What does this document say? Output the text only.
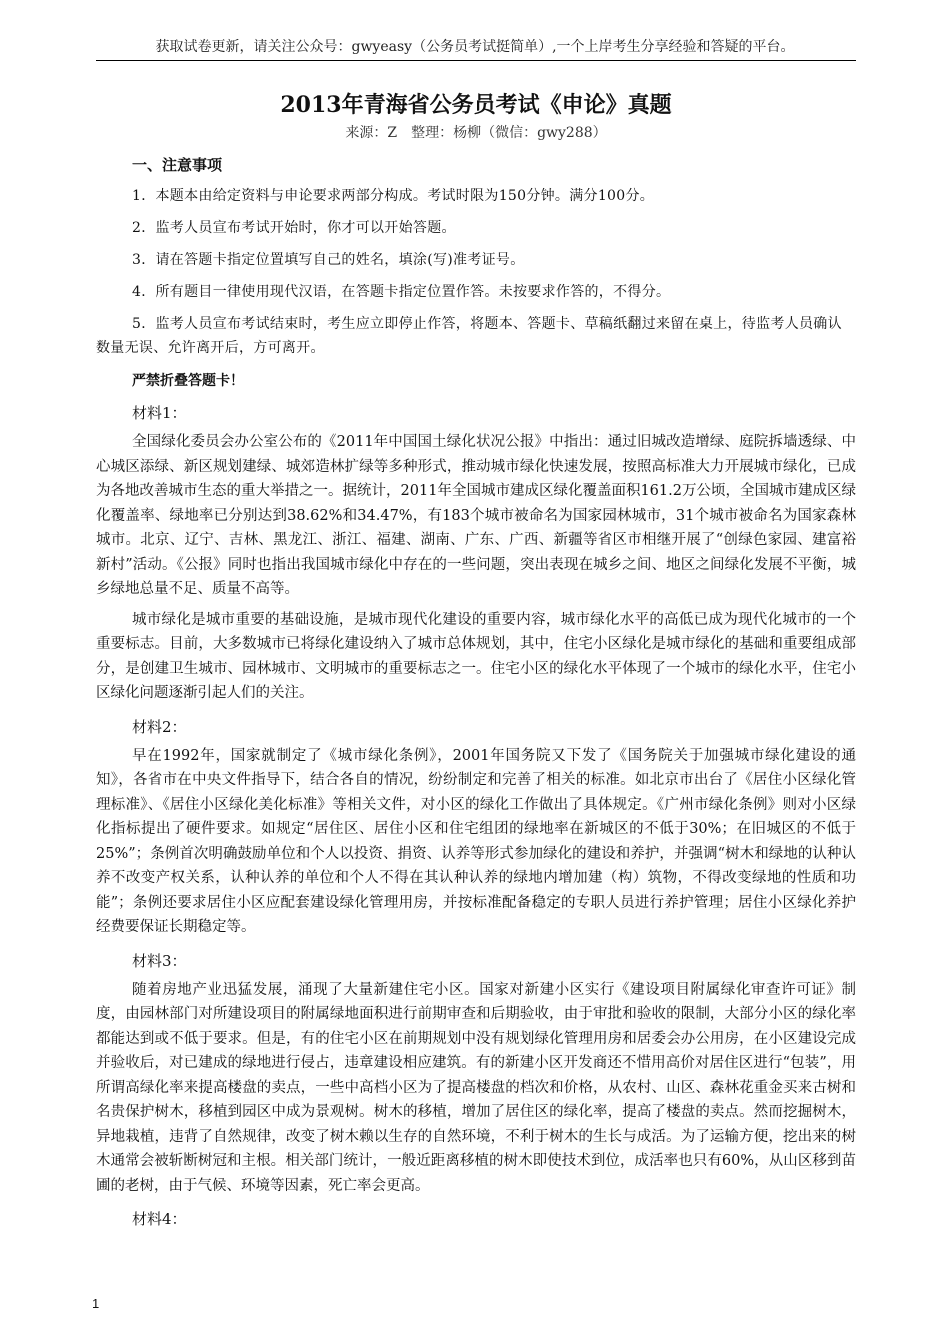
获取试卷更新，请关注公众号：gwyeasy（公务员考试挺简单）,一个上岸考生分享经验和答疑的平台。
2013年青海省公务员考试《申论》真题
来源：Z　整理：杨柳（微信：gwy288）
一、注意事项
1．本题本由给定资料与申论要求两部分构成。考试时限为150分钟。满分100分。
2．监考人员宣布考试开始时，你才可以开始答题。
3．请在答题卡指定位置填写自己的姓名，填涂(写)准考证号。
4．所有题目一律使用现代汉语，在答题卡指定位置作答。未按要求作答的，不得分。
5．监考人员宣布考试结束时，考生应立即停止作答，将题本、答题卡、草稿纸翻过来留在桌上，待监考人员确认数量无误、允许离开后，方可离开。
严禁折叠答题卡！
材料1：
全国绿化委员会办公室公布的《2011年中国国土绿化状况公报》中指出：通过旧城改造增绿、庭院拆墙透绿、中心城区添绿、新区规划建绿、城郊造林扩绿等多种形式，推动城市绿化快速发展，按照高标准大力开展城市绿化，已成为各地改善城市生态的重大举措之一。据统计，2011年全国城市建成区绿化覆盖面积161.2万公顷，全国城市建成区绿化覆盖率、绿地率已分别达到38.62%和34.47%，有183个城市被命名为国家园林城市，31个城市被命名为国家森林城市。北京、辽宁、吉林、黑龙江、浙江、福建、湖南、广东、广西、新疆等省区市相继开展了“创绿色家园、建富裕新村”活动。《公报》同时也指出我国城市绿化中存在的一些问题，突出表现在城乡之间、地区之间绿化发展不平衡，城乡绿地总量不足、质量不高等。
城市绿化是城市重要的基础设施，是城市现代化建设的重要内容，城市绿化水平的高低已成为现代化城市的一个重要标志。目前，大多数城市已将绿化建设纳入了城市总体规划，其中，住宅小区绿化是城市绿化的基础和重要组成部分，是创建卫生城市、园林城市、文明城市的重要标志之一。住宅小区的绿化水平体现了一个城市的绿化水平，住宅小区绿化问题逐渐引起人们的关注。
材料2：
早在1992年，国家就制定了《城市绿化条例》，2001年国务院又下发了《国务院关于加强城市绿化建设的通知》，各省市在中央文件指导下，结合各自的情况，纷纷制定和完善了相关的标准。如北京市出台了《居住小区绿化管理标准》、《居住小区绿化美化标准》等相关文件，对小区的绿化工作做出了具体规定。《广州市绿化条例》则对小区绿化指标提出了硬件要求。如规定“居住区、居住小区和住宅组团的绿地率在新城区的不低于30%；在旧城区的不低于25%”；条例首次明确鼓励单位和个人以投资、捐资、认养等形式参加绿化的建设和养护，并强调“树木和绿地的认种认养不改变产权关系，认种认养的单位和个人不得在其认种认养的绿地内增加建（构）筑物，不得改变绿地的性质和功能”；条例还要求居住小区应配套建设绿化管理用房，并按标准配备稳定的专职人员进行养护管理；居住小区绿化养护经费要保证长期稳定等。
材料3：
随着房地产业迅猛发展，涌现了大量新建住宅小区。国家对新建小区实行《建设项目附属绿化审查许可证》制度，由园林部门对所建设项目的附属绿地面积进行前期审查和后期验收，由于审批和验收的限制，大部分小区的绿化率都能达到或不低于要求。但是，有的住宅小区在前期规划中没有规划绿化管理用房和居委会办公用房，在小区建设完成并验收后，对已建成的绿地进行侵占，违章建设相应建筑。有的新建小区开发商还不惜用高价对居住区进行“包装”，用所谓高绿化率来提高楼盘的卖点，一些中高档小区为了提高楼盘的档次和价格，从农村、山区、森林花重金买来古树和名贵保护树木，移植到园区中成为景观树。树木的移植，增加了居住区的绿化率，提高了楼盘的卖点。然而挖掘树木，异地栽植，违背了自然规律，改变了树木赖以生存的自然环境，不利于树木的生长与成活。为了运输方便，挖出来的树木通常会被斩断树冠和主根。相关部门统计，一般近距离移植的树木即使技术到位，成活率也只有60%，从山区移到苗圃的老树，由于气候、环境等因素，死亡率会更高。
材料4：
1
